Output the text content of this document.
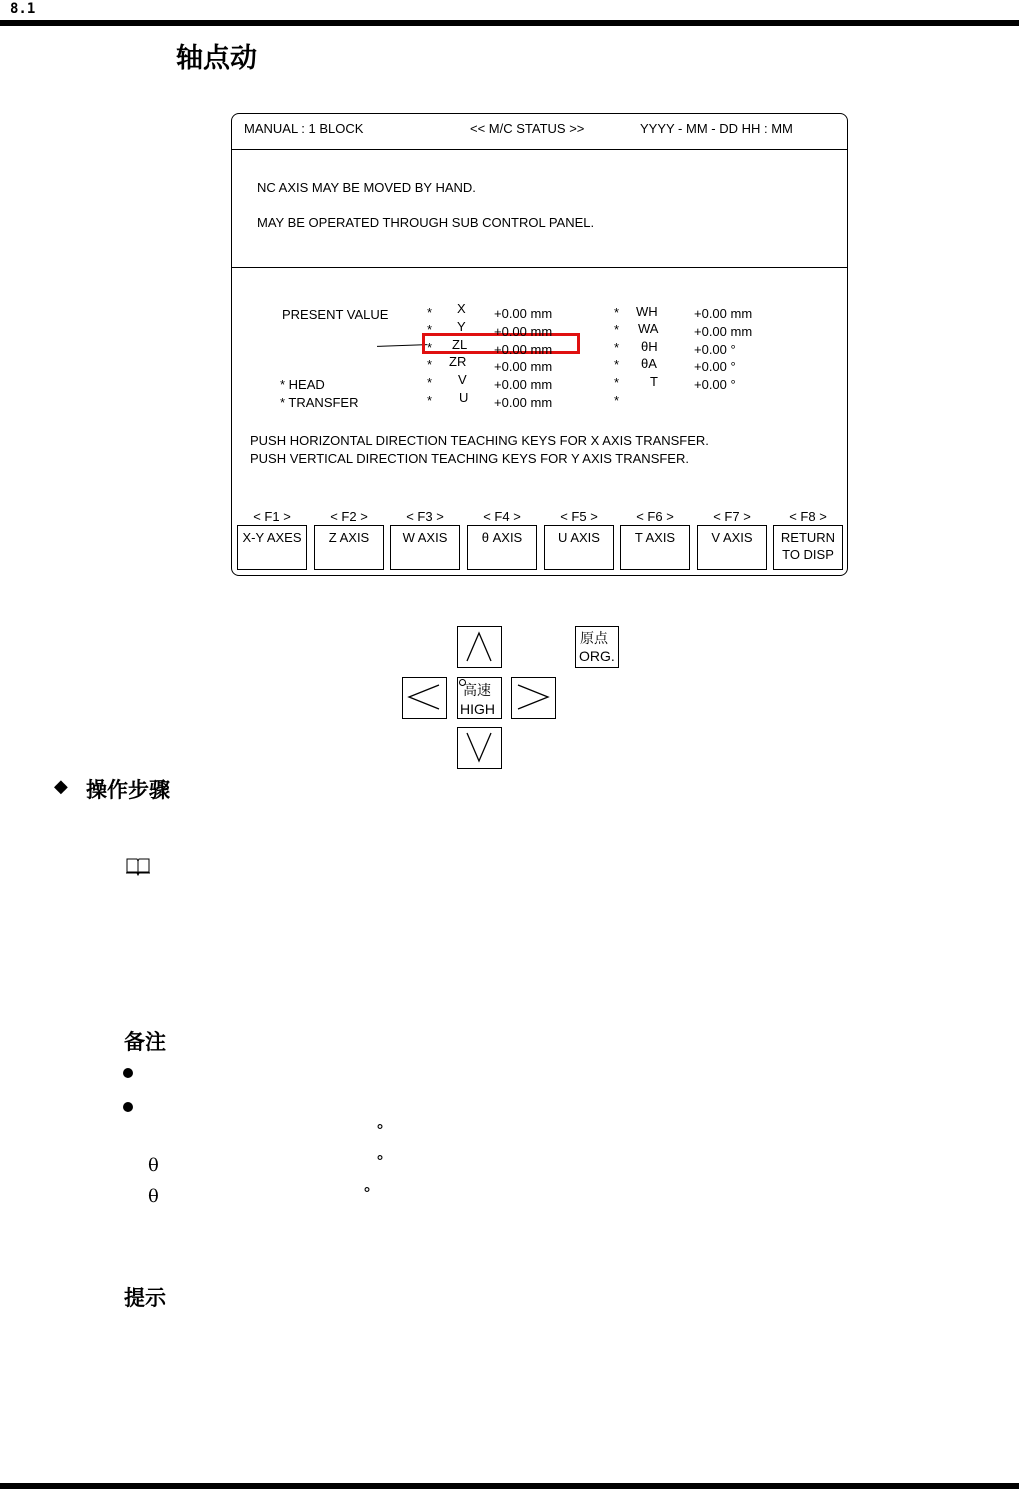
8.1
轴点动
MANUAL : 1 BLOCK	<< M/C STATUS >>	YYYY - MM - DD HH : MM
NC AXIS MAY BE MOVED BY HAND.
MAY BE OPERATED THROUGH SUB CONTROL PANEL.
PRESENT VALUE
* HEAD
* TRANSFER
* X +0.00 mm
* Y +0.00 mm
* ZL +0.00 mm
* ZR +0.00 mm
* V +0.00 mm
* U +0.00 mm
* WH	+0.00 mm
* WA	+0.00 mm
* θH	+0.00 °
* θA	+0.00 °
* T	+0.00 °
*
PUSH HORIZONTAL DIRECTION TEACHING KEYS FOR X AXIS TRANSFER.
PUSH VERTICAL DIRECTION TEACHING KEYS FOR Y AXIS TRANSFER.
< F1 >	< F2 >	< F3 >	< F4 >	< F5 >	< F6 >	< F7 >	< F8 >
X-Y AXES	Z AXIS	W AXIS	θ AXIS	U AXIS	T AXIS	V AXIS	RETURN
TO DISP
原点
ORG.
高速
HIGH
◆ 操作步骤
备注
°
θ	°
θ	°
提示
